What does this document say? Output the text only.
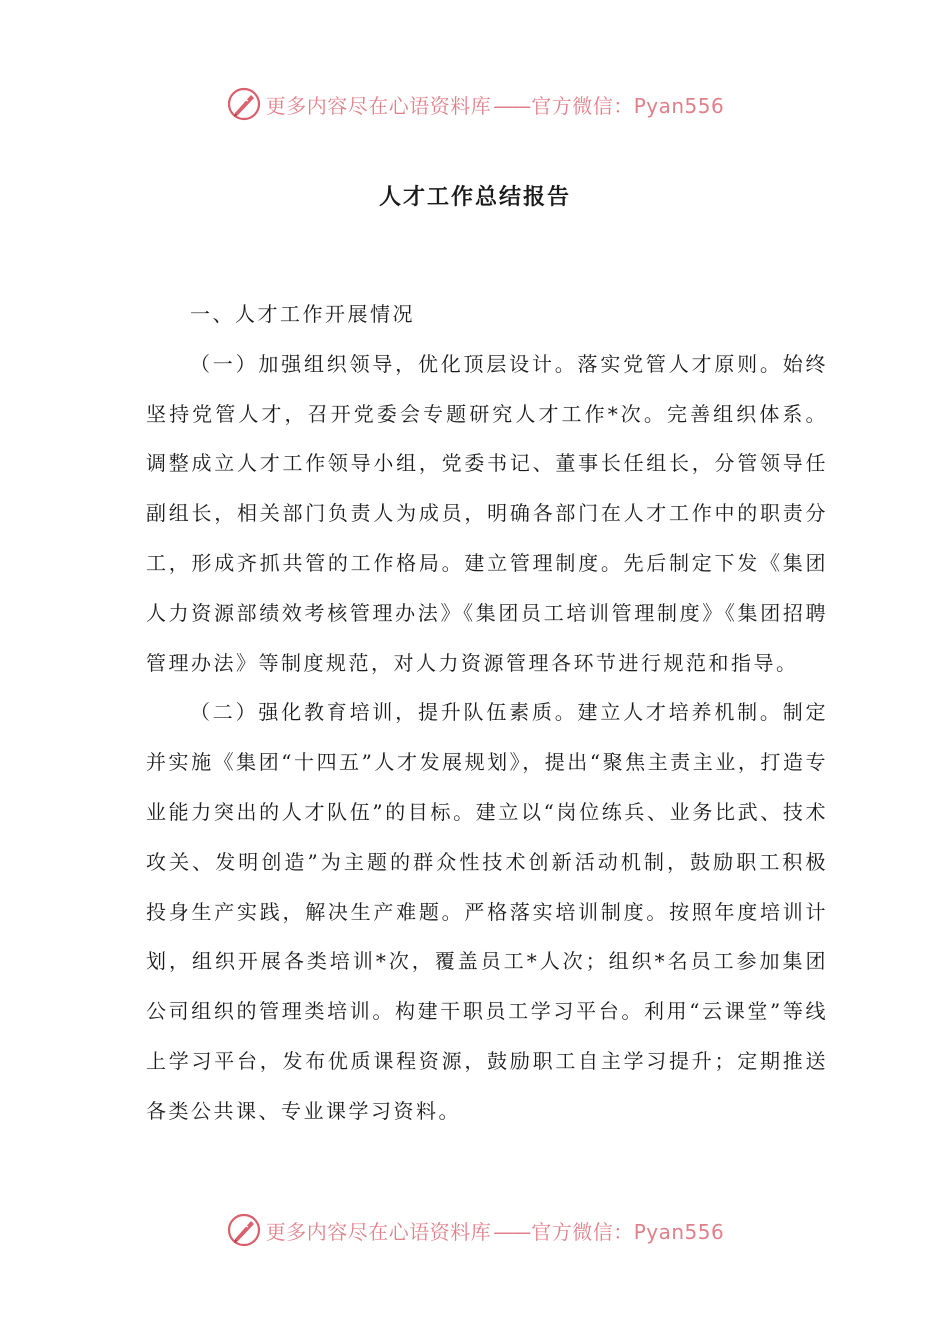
更多内容尽在心语资料库 —— 官方微信：Pyan556
人才工作总结报告

一、人才工作开展情况

（一）加强组织领导，优化顶层设计。落实党管人才原则。始终坚持党管人才，召开党委会专题研究人才工作*次。完善组织体系。调整成立人才工作领导小组，党委书记、董事长任组长，分管领导任副组长，相关部门负责人为成员，明确各部门在人才工作中的职责分工，形成齐抓共管的工作格局。建立管理制度。先后制定下发《集团人力资源部绩效考核管理办法》《集团员工培训管理制度》《集团招聘管理办法》等制度规范，对人力资源管理各环节进行规范和指导。

（二）强化教育培训，提升队伍素质。建立人才培养机制。制定并实施《集团“十四五”人才发展规划》，提出“聚焦主责主业，打造专业能力突出的人才队伍”的目标。建立以“岗位练兵、业务比武、技术攻关、发明创造”为主题的群众性技术创新活动机制，鼓励职工积极投身生产实践，解决生产难题。严格落实培训制度。按照年度培训计划，组织开展各类培训*次，覆盖员工*人次；组织*名员工参加集团公司组织的管理类培训。构建干职员工学习平台。利用“云课堂”等线上学习平台，发布优质课程资源，鼓励职工自主学习提升；定期推送各类公共课、专业课学习资料。

更多内容尽在心语资料库 —— 官方微信：Pyan556
